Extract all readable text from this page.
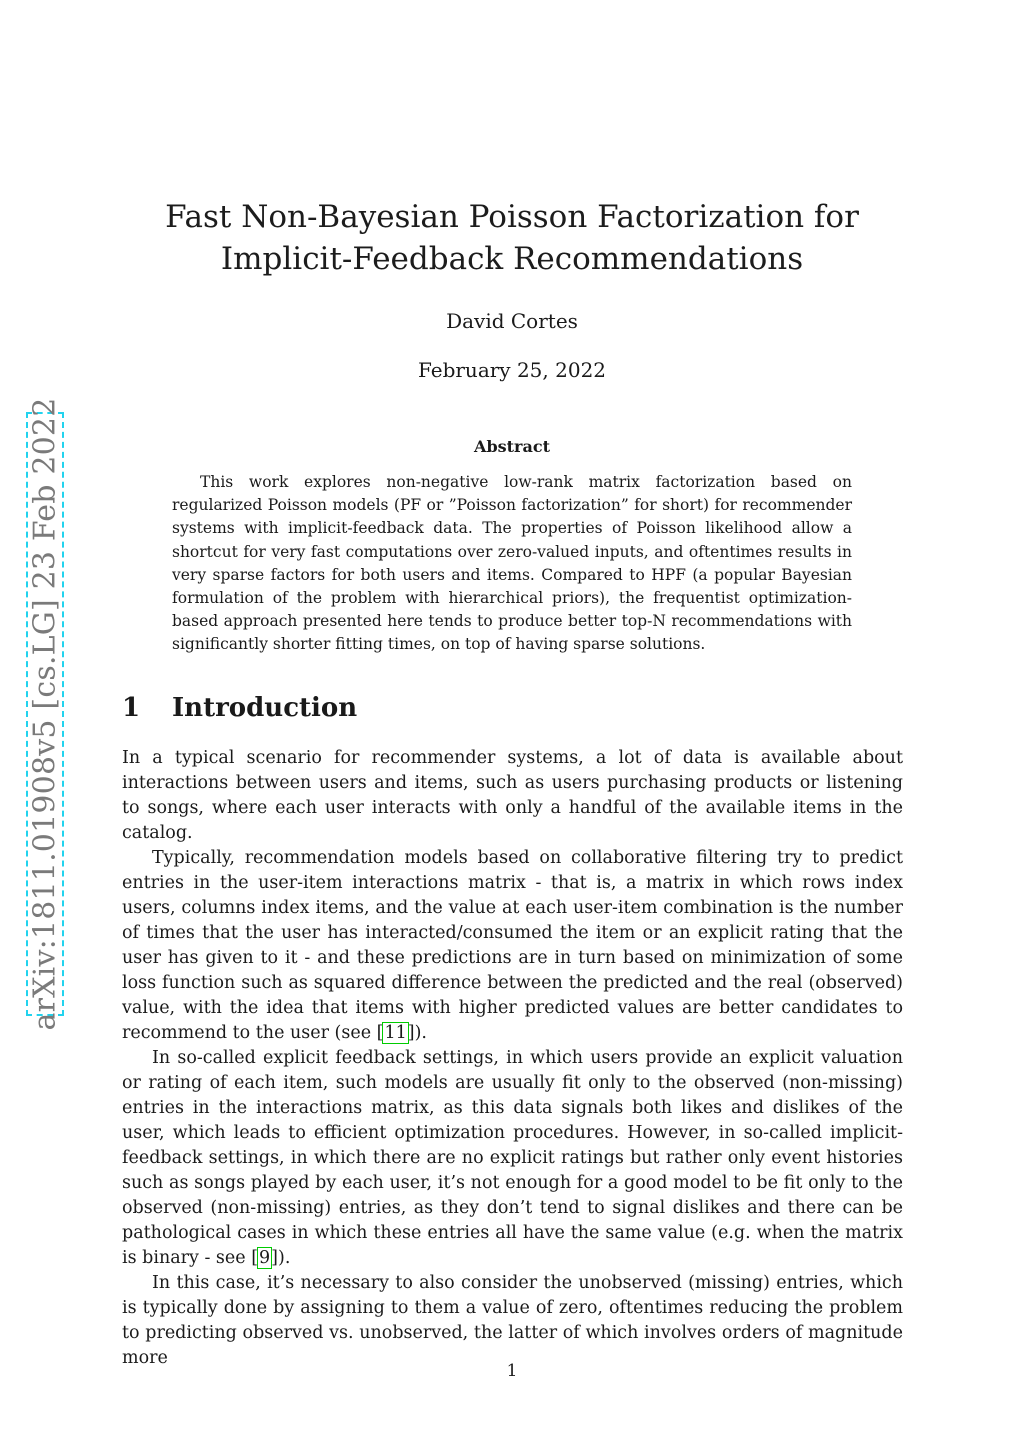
Fast Non-Bayesian Poisson Factorization for
Implicit-Feedback Recommendations
David Cortes
February 25, 2022
Abstract

This work explores non-negative low-rank matrix factorization based on regularized Poisson models (PF or ”Poisson factorization” for short) for recommender systems with implicit-feedback data. The properties of Poisson likelihood allow a shortcut for very fast computations over zero-valued inputs, and oftentimes results in very sparse factors for both users and items. Compared to HPF (a popular Bayesian formulation of the problem with hierarchical priors), the frequentist optimization-based approach presented here tends to produce better top-N recommendations with significantly shorter fitting times, on top of having sparse solutions.

1 Introduction

In a typical scenario for recommender systems, a lot of data is available about interactions between users and items, such as users purchasing products or listening to songs, where each user interacts with only a handful of the available items in the catalog.

Typically, recommendation models based on collaborative filtering try to predict entries in the user-item interactions matrix - that is, a matrix in which rows index users, columns index items, and the value at each user-item combination is the number of times that the user has interacted/consumed the item or an explicit rating that the user has given to it - and these predictions are in turn based on minimization of some loss function such as squared difference between the predicted and the real (observed) value, with the idea that items with higher predicted values are better candidates to recommend to the user (see [11]).

In so-called explicit feedback settings, in which users provide an explicit valuation or rating of each item, such models are usually fit only to the observed (non-missing) entries in the interactions matrix, as this data signals both likes and dislikes of the user, which leads to efficient optimization procedures. However, in so-called implicit-feedback settings, in which there are no explicit ratings but rather only event histories such as songs played by each user, it’s not enough for a good model to be fit only to the observed (non-missing) entries, as they don’t tend to signal dislikes and there can be pathological cases in which these entries all have the same value (e.g. when the matrix is binary - see [9]).

In this case, it’s necessary to also consider the unobserved (missing) entries, which is typically done by assigning to them a value of zero, oftentimes reducing the problem to predicting observed vs. unobserved, the latter of which involves orders of magnitude more

arXiv:1811.01908v5 [cs.LG] 23 Feb 2022
1
